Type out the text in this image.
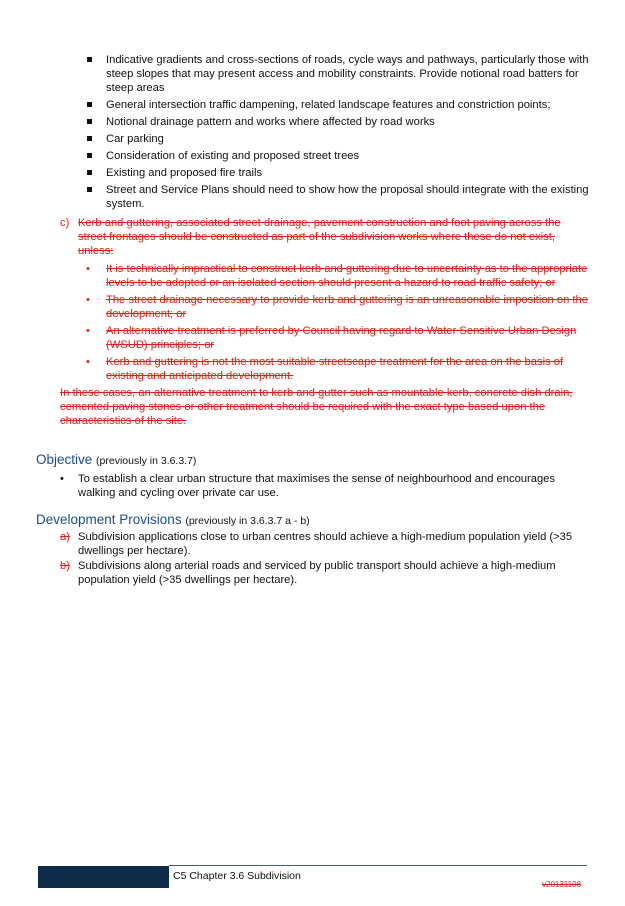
Indicative gradients and cross-sections of roads, cycle ways and pathways, particularly those with steep slopes that may present access and mobility constraints. Provide notional road batters for steep areas
General intersection traffic dampening, related landscape features and constriction points;
Notional drainage pattern and works where affected by road works
Car parking
Consideration of existing and proposed street trees
Existing and proposed fire trails
Street and Service Plans should need to show how the proposal should integrate with the existing system.
c) Kerb and guttering, associated street drainage, pavement construction and foot paving across the street frontages should be constructed as part of the subdivision works where these do not exist, unless:
• It is technically impractical to construct kerb and guttering due to uncertainty as to the appropriate levels to be adopted or an isolated section should present a hazard to road traffic safety; or
• The street drainage necessary to provide kerb and guttering is an unreasonable imposition on the development; or
• An alternative treatment is preferred by Council having regard to Water Sensitive Urban Design (WSUD) principles; or
• Kerb and guttering is not the most suitable streetscape treatment for the area on the basis of existing and anticipated development.
In these cases, an alternative treatment to kerb and gutter such as mountable kerb, concrete dish drain, cemented paving stones or other treatment should be required with the exact type based upon the characteristics of the site.
Objective (previously in 3.6.3.7)
• To establish a clear urban structure that maximises the sense of neighbourhood and encourages walking and cycling over private car use.
Development Provisions (previously in 3.6.3.7 a - b)
a) Subdivision applications close to urban centres should achieve a high-medium population yield (>35 dwellings per hectare).
b) Subdivisions along arterial roads and serviced by public transport should achieve a high-medium population yield (>35 dwellings per hectare).
C5 Chapter 3.6 Subdivision
v20131108
